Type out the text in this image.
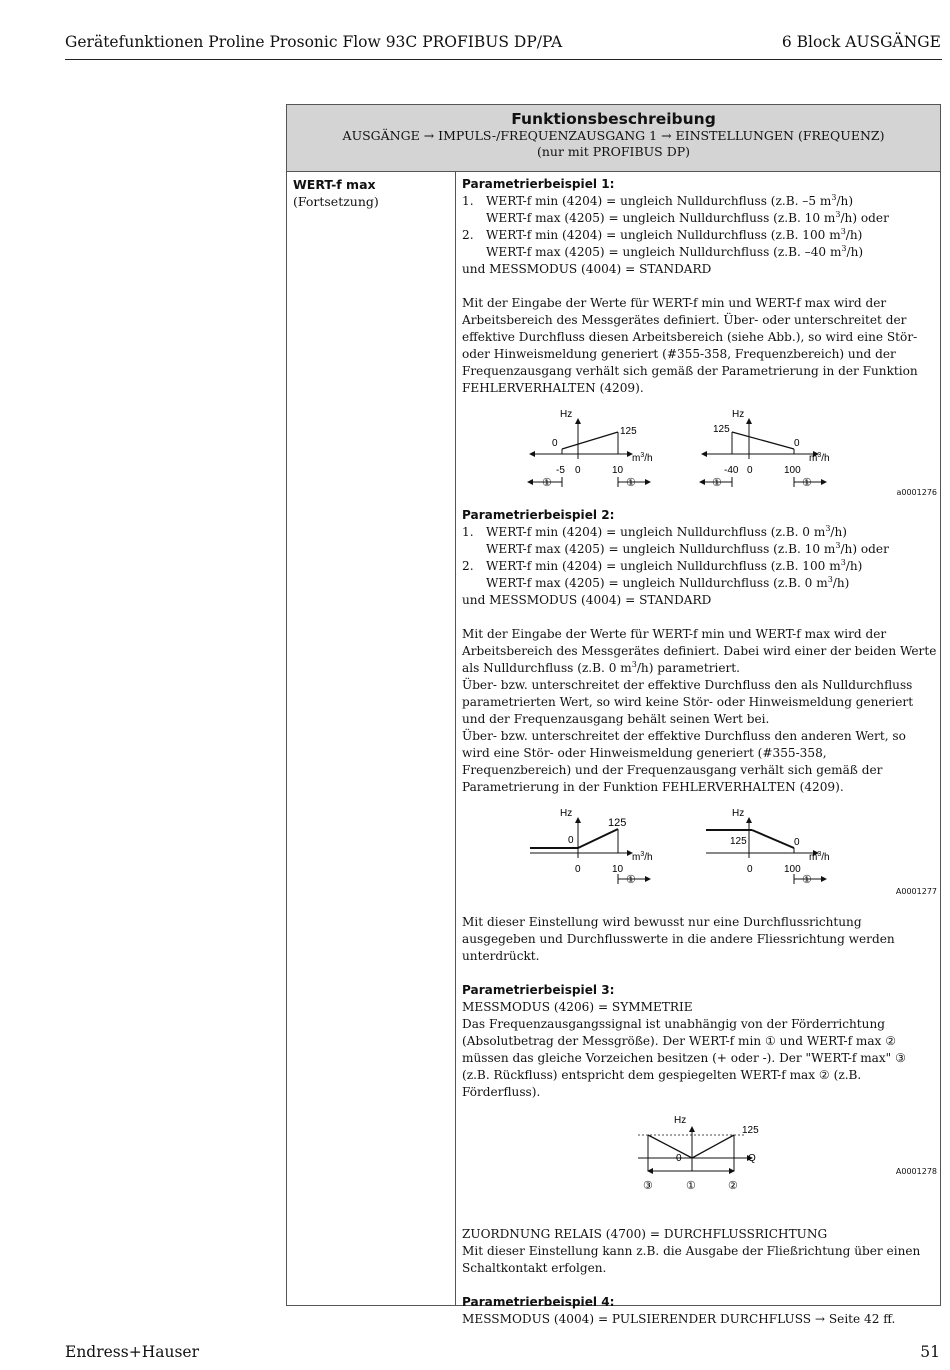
Gerätefunktionen Proline Prosonic Flow 93C PROFIBUS DP/PA	6 Block AUSGÄNGE
Funktionsbeschreibung
AUSGÄNGE → IMPULS-/FREQUENZAUSGANG 1 → EINSTELLUNGEN (FREQUENZ)
(nur mit PROFIBUS DP)
WERT-f max
(Fortsetzung)

Parametrierbeispiel 1:

1. WERT-f min (4204) = ungleich Nulldurchfluss (z.B. –5 $m^3/h$)

WERT-f max (4205) = ungleich Nulldurchfluss (z.B. 10 $m^3/h$) oder

2. WERT-f min (4204) = ungleich Nulldurchfluss (z.B. 100 $m^3/h$)

WERT-f max (4205) = ungleich Nulldurchfluss (z.B. –40 $m^3/h$)

und MESSMODUS (4004) = STANDARD

Mit der Eingabe der Werte für WERT-f min und WERT-f max wird der Arbeitsbereich des Messgerätes definiert. Über- oder unterschreitet der effektive Durchfluss diesen Arbeitsbereich (siehe Abb.), so wird eine Stör- oder Hinweismeldung generiert (#355-358, Frequenzbereich) und der Frequenzausgang verhält sich gemäß der Parametrierung in der Funktion FEHLERVERHALTEN (4209).

Hz
125
0
$m^3/h$
-5 0	10
①	①
Hz
125
0
$m^3/h$
-40 0	100
①	①
a0001276

Parametrierbeispiel 2:

1. WERT-f min (4204) = ungleich Nulldurchfluss (z.B. 0 $m^3/h$)

WERT-f max (4205) = ungleich Nulldurchfluss (z.B. 10 $m^3/h$) oder

2. WERT-f min (4204) = ungleich Nulldurchfluss (z.B. 100 $m^3/h$)

WERT-f max (4205) = ungleich Nulldurchfluss (z.B. 0 $m^3/h$)

und MESSMODUS (4004) = STANDARD

Mit der Eingabe der Werte für WERT-f min und WERT-f max wird der Arbeitsbereich des Messgerätes definiert. Dabei wird einer der beiden Werte als Nulldurchfluss (z.B. 0 $m^3/h$) parametriert.

Über- bzw. unterschreitet der effektive Durchfluss den als Nulldurchfluss parametrierten Wert, so wird keine Stör- oder Hinweismeldung generiert und der Frequenzausgang behält seinen Wert bei.

Über- bzw. unterschreitet der effektive Durchfluss den anderen Wert, so wird eine Stör- oder Hinweismeldung generiert (#355-358, Frequenzbereich) und der Frequenzausgang verhält sich gemäß der Parametrierung in der Funktion FEHLERVERHALTEN (4209).

Hz
125
0
$m^3/h$
0	10
①
Hz
125	0
$m^3/h$
0	100
①
A0001277

Mit dieser Einstellung wird bewusst nur eine Durchflussrichtung ausgegeben und Durchflusswerte in die andere Fliessrichtung werden unterdrückt.

Parametrierbeispiel 3:

MESSMODUS (4206) = SYMMETRIE

Das Frequenzausgangssignal ist unabhängig von der Förderrichtung (Absolutbetrag der Messgröße). Der WERT-f min ① und WERT-f max ② müssen das gleiche Vorzeichen besitzen (+ oder -). Der "WERT-f max" ③ (z.B. Rückfluss) entspricht dem gespiegelten WERT-f max ② (z.B. Förderfluss).

Hz
125
0	Q
③	①	②
A0001278

ZUORDNUNG RELAIS (4700) = DURCHFLUSSRICHTUNG

Mit dieser Einstellung kann z.B. die Ausgabe der Fließrichtung über einen Schaltkontakt erfolgen.

Parametrierbeispiel 4:

MESSMODUS (4004) = PULSIERENDER DURCHFLUSS → Seite 42 ff.

Endress+Hauser	51
